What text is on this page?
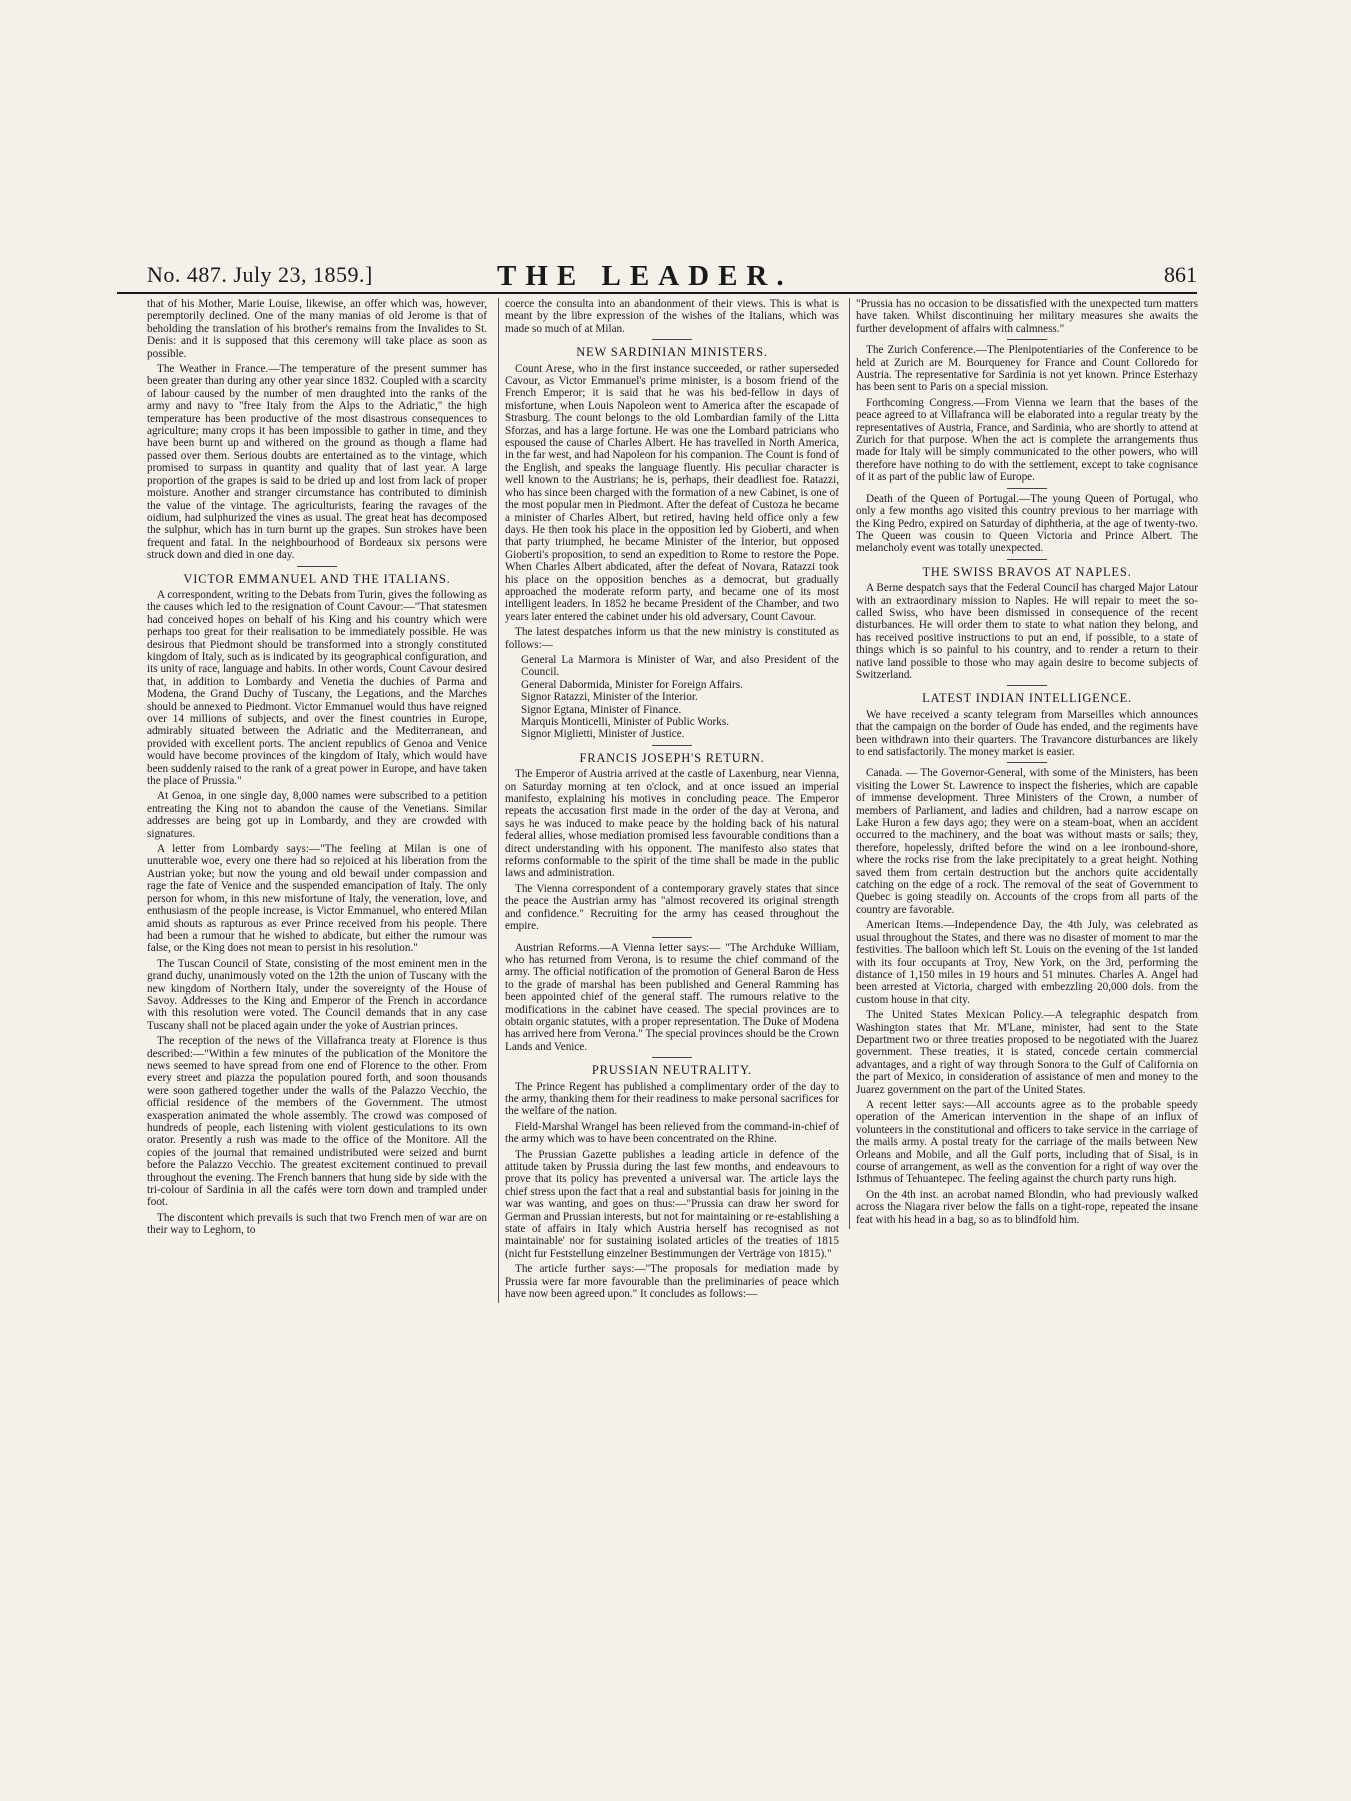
No. 487. July 23, 1859.]	THE LEADER.	861

that of his Mother, Marie Louise, likewise, an offer which was, however, peremptorily declined. One of the many manias of old Jerome is that of beholding the translation of his brother's remains from the Invalides to St. Denis: and it is supposed that this ceremony will take place as soon as possible.

The Weather in France.—The temperature of the present summer has been greater than during any other year since 1832. Coupled with a scarcity of labour caused by the number of men draughted into the ranks of the army and navy to "free Italy from the Alps to the Adriatic," the high temperature has been productive of the most disastrous consequences to agriculture; many crops it has been impossible to gather in time, and they have been burnt up and withered on the ground as though a flame had passed over them. Serious doubts are entertained as to the vintage, which promised to surpass in quantity and quality that of last year. A large proportion of the grapes is said to be dried up and lost from lack of proper moisture. Another and stranger circumstance has contributed to diminish the value of the vintage. The agriculturists, fearing the ravages of the oidium, had sulphurized the vines as usual. The great heat has decomposed the sulphur, which has in turn burnt up the grapes. Sun strokes have been frequent and fatal. In the neighbourhood of Bordeaux six persons were struck down and died in one day.

VICTOR EMMANUEL AND THE ITALIANS.

A correspondent, writing to the Debats from Turin, gives the following as the causes which led to the resignation of Count Cavour:—"That statesmen had conceived hopes on behalf of his King and his country which were perhaps too great for their realisation to be immediately possible. He was desirous that Piedmont should be transformed into a strongly constituted kingdom of Italy, such as is indicated by its geographical configuration, and its unity of race, language and habits. In other words, Count Cavour desired that, in addition to Lombardy and Venetia the duchies of Parma and Modena, the Grand Duchy of Tuscany, the Legations, and the Marches should be annexed to Piedmont. Victor Emmanuel would thus have reigned over 14 millions of subjects, and over the finest countries in Europe, admirably situated between the Adriatic and the Mediterranean, and provided with excellent ports. The ancient republics of Genoa and Venice would have become provinces of the kingdom of Italy, which would have been suddenly raised to the rank of a great power in Europe, and have taken the place of Prussia."

At Genoa, in one single day, 8,000 names were subscribed to a petition entreating the King not to abandon the cause of the Venetians. Similar addresses are being got up in Lombardy, and they are crowded with signatures.

A letter from Lombardy says:—"The feeling at Milan is one of unutterable woe, every one there had so rejoiced at his liberation from the Austrian yoke; but now the young and old bewail under compassion and rage the fate of Venice and the suspended emancipation of Italy. The only person for whom, in this new misfortune of Italy, the veneration, love, and enthusiasm of the people increase, is Victor Emmanuel, who entered Milan amid shouts as rapturous as ever Prince received from his people. There had been a rumour that he wished to abdicate, but either the rumour was false, or the King does not mean to persist in his resolution."

The Tuscan Council of State, consisting of the most eminent men in the grand duchy, unanimously voted on the 12th the union of Tuscany with the new kingdom of Northern Italy, under the sovereignty of the House of Savoy. Addresses to the King and Emperor of the French in accordance with this resolution were voted. The Council demands that in any case Tuscany shall not be placed again under the yoke of Austrian princes.

The reception of the news of the Villafranca treaty at Florence is thus described:—"Within a few minutes of the publication of the Monitore the news seemed to have spread from one end of Florence to the other. From every street and piazza the population poured forth, and soon thousands were soon gathered together under the walls of the Palazzo Vecchio, the official residence of the members of the Government. The utmost exasperation animated the whole assembly. The crowd was composed of hundreds of people, each listening with violent gesticulations to its own orator. Presently a rush was made to the office of the Monitore. All the copies of the journal that remained undistributed were seized and burnt before the Palazzo Vecchio. The greatest excitement continued to prevail throughout the evening. The French banners that hung side by side with the tri-colour of Sardinia in all the cafés were torn down and trampled under foot.

The discontent which prevails is such that two French men of war are on their way to Leghorn, to

coerce the consulta into an abandonment of their views. This is what is meant by the libre expression of the wishes of the Italians, which was made so much of at Milan.

NEW SARDINIAN MINISTERS.

Count Arese, who in the first instance succeeded, or rather superseded Cavour, as Victor Emmanuel's prime minister, is a bosom friend of the French Emperor; it is said that he was his bed-fellow in days of misfortune, when Louis Napoleon went to America after the escapade of Strasburg. The count belongs to the old Lombardian family of the Litta Sforzas, and has a large fortune. He was one the Lombard patricians who espoused the cause of Charles Albert. He has travelled in North America, in the far west, and had Napoleon for his companion. The Count is fond of the English, and speaks the language fluently. His peculiar character is well known to the Austrians; he is, perhaps, their deadliest foe. Ratazzi, who has since been charged with the formation of a new Cabinet, is one of the most popular men in Piedmont. After the defeat of Custoza he became a minister of Charles Albert, but retired, having held office only a few days. He then took his place in the opposition led by Gioberti, and when that party triumphed, he became Minister of the Interior, but opposed Gioberti's proposition, to send an expedition to Rome to restore the Pope. When Charles Albert abdicated, after the defeat of Novara, Ratazzi took his place on the opposition benches as a democrat, but gradually approached the moderate reform party, and became one of its most intelligent leaders. In 1852 he became President of the Chamber, and two years later entered the cabinet under his old adversary, Count Cavour.

The latest despatches inform us that the new ministry is constituted as follows:—

General La Marmora is Minister of War, and also President of the Council.
General Dabormida, Minister for Foreign Affairs.
Signor Ratazzi, Minister of the Interior.
Signor Egtana, Minister of Finance.
Marquis Monticelli, Minister of Public Works.
Signor Miglietti, Minister of Justice.
FRANCIS JOSEPH'S RETURN.

The Emperor of Austria arrived at the castle of Laxenburg, near Vienna, on Saturday morning at ten o'clock, and at once issued an imperial manifesto, explaining his motives in concluding peace. The Emperor repeats the accusation first made in the order of the day at Verona, and says he was induced to make peace by the holding back of his natural federal allies, whose mediation promised less favourable conditions than a direct understanding with his opponent. The manifesto also states that reforms conformable to the spirit of the time shall be made in the public laws and administration.

The Vienna correspondent of a contemporary gravely states that since the peace the Austrian army has "almost recovered its original strength and confidence." Recruiting for the army has ceased throughout the empire.

Austrian Reforms.—A Vienna letter says:— "The Archduke William, who has returned from Verona, is to resume the chief command of the army. The official notification of the promotion of General Baron de Hess to the grade of marshal has been published and General Ramming has been appointed chief of the general staff. The rumours relative to the modifications in the cabinet have ceased. The special provinces are to obtain organic statutes, with a proper representation. The Duke of Modena has arrived here from Verona." The special provinces should be the Crown Lands and Venice.

PRUSSIAN NEUTRALITY.

The Prince Regent has published a complimentary order of the day to the army, thanking them for their readiness to make personal sacrifices for the welfare of the nation.

Field-Marshal Wrangel has been relieved from the command-in-chief of the army which was to have been concentrated on the Rhine.

The Prussian Gazette publishes a leading article in defence of the attitude taken by Prussia during the last few months, and endeavours to prove that its policy has prevented a universal war. The article lays the chief stress upon the fact that a real and substantial basis for joining in the war was wanting, and goes on thus:—"Prussia can draw her sword for German and Prussian interests, but not for maintaining or re-establishing a state of affairs in Italy which Austria herself has recognised as not maintainable' nor for sustaining isolated articles of the treaties of 1815 (nicht fur Feststellung einzelner Bestimmungen der Verträge von 1815)."

The article further says:—"The proposals for mediation made by Prussia were far more favourable than the preliminaries of peace which have now been agreed upon." It concludes as follows:—

"Prussia has no occasion to be dissatisfied with the unexpected turn matters have taken. Whilst discontinuing her military measures she awaits the further development of affairs with calmness."

The Zurich Conference.—The Plenipotentiaries of the Conference to be held at Zurich are M. Bourqueney for France and Count Colloredo for Austria. The representative for Sardinia is not yet known. Prince Esterhazy has been sent to Paris on a special mission.

Forthcoming Congress.—From Vienna we learn that the bases of the peace agreed to at Villafranca will be elaborated into a regular treaty by the representatives of Austria, France, and Sardinia, who are shortly to attend at Zurich for that purpose. When the act is complete the arrangements thus made for Italy will be simply communicated to the other powers, who will therefore have nothing to do with the settlement, except to take cognisance of it as part of the public law of Europe.

Death of the Queen of Portugal.—The young Queen of Portugal, who only a few months ago visited this country previous to her marriage with the King Pedro, expired on Saturday of diphtheria, at the age of twenty-two. The Queen was cousin to Queen Victoria and Prince Albert. The melancholy event was totally unexpected.

THE SWISS BRAVOS AT NAPLES.

A Berne despatch says that the Federal Council has charged Major Latour with an extraordinary mission to Naples. He will repair to meet the so-called Swiss, who have been dismissed in consequence of the recent disturbances. He will order them to state to what nation they belong, and has received positive instructions to put an end, if possible, to a state of things which is so painful to his country, and to render a return to their native land possible to those who may again desire to become subjects of Switzerland.

LATEST INDIAN INTELLIGENCE.

We have received a scanty telegram from Marseilles which announces that the campaign on the border of Oude has ended, and the regiments have been withdrawn into their quarters. The Travancore disturbances are likely to end satisfactorily. The money market is easier.

Canada. — The Governor-General, with some of the Ministers, has been visiting the Lower St. Lawrence to inspect the fisheries, which are capable of immense development. Three Ministers of the Crown, a number of members of Parliament, and ladies and children, had a narrow escape on Lake Huron a few days ago; they were on a steam-boat, when an accident occurred to the machinery, and the boat was without masts or sails; they, therefore, hopelessly, drifted before the wind on a lee ironbound-shore, where the rocks rise from the lake precipitately to a great height. Nothing saved them from certain destruction but the anchors quite accidentally catching on the edge of a rock. The removal of the seat of Government to Quebec is going steadily on. Accounts of the crops from all parts of the country are favorable.

American Items.—Independence Day, the 4th July, was celebrated as usual throughout the States, and there was no disaster of moment to mar the festivities. The balloon which left St. Louis on the evening of the 1st landed with its four occupants at Troy, New York, on the 3rd, performing the distance of 1,150 miles in 19 hours and 51 minutes. Charles A. Angel had been arrested at Victoria, charged with embezzling 20,000 dols. from the custom house in that city.

The United States Mexican Policy.—A telegraphic despatch from Washington states that Mr. M'Lane, minister, had sent to the State Department two or three treaties proposed to be negotiated with the Juarez government. These treaties, it is stated, concede certain commercial advantages, and a right of way through Sonora to the Gulf of California on the part of Mexico, in consideration of assistance of men and money to the Juarez government on the part of the United States.

A recent letter says:—All accounts agree as to the probable speedy operation of the American intervention in the shape of an influx of volunteers in the constitutional and officers to take service in the carriage of the mails army. A postal treaty for the carriage of the mails between New Orleans and Mobile, and all the Gulf ports, including that of Sisal, is in course of arrangement, as well as the convention for a right of way over the Isthmus of Tehuantepec. The feeling against the church party runs high.

On the 4th inst. an acrobat named Blondin, who had previously walked across the Niagara river below the falls on a tight-rope, repeated the insane feat with his head in a bag, so as to blindfold him.
